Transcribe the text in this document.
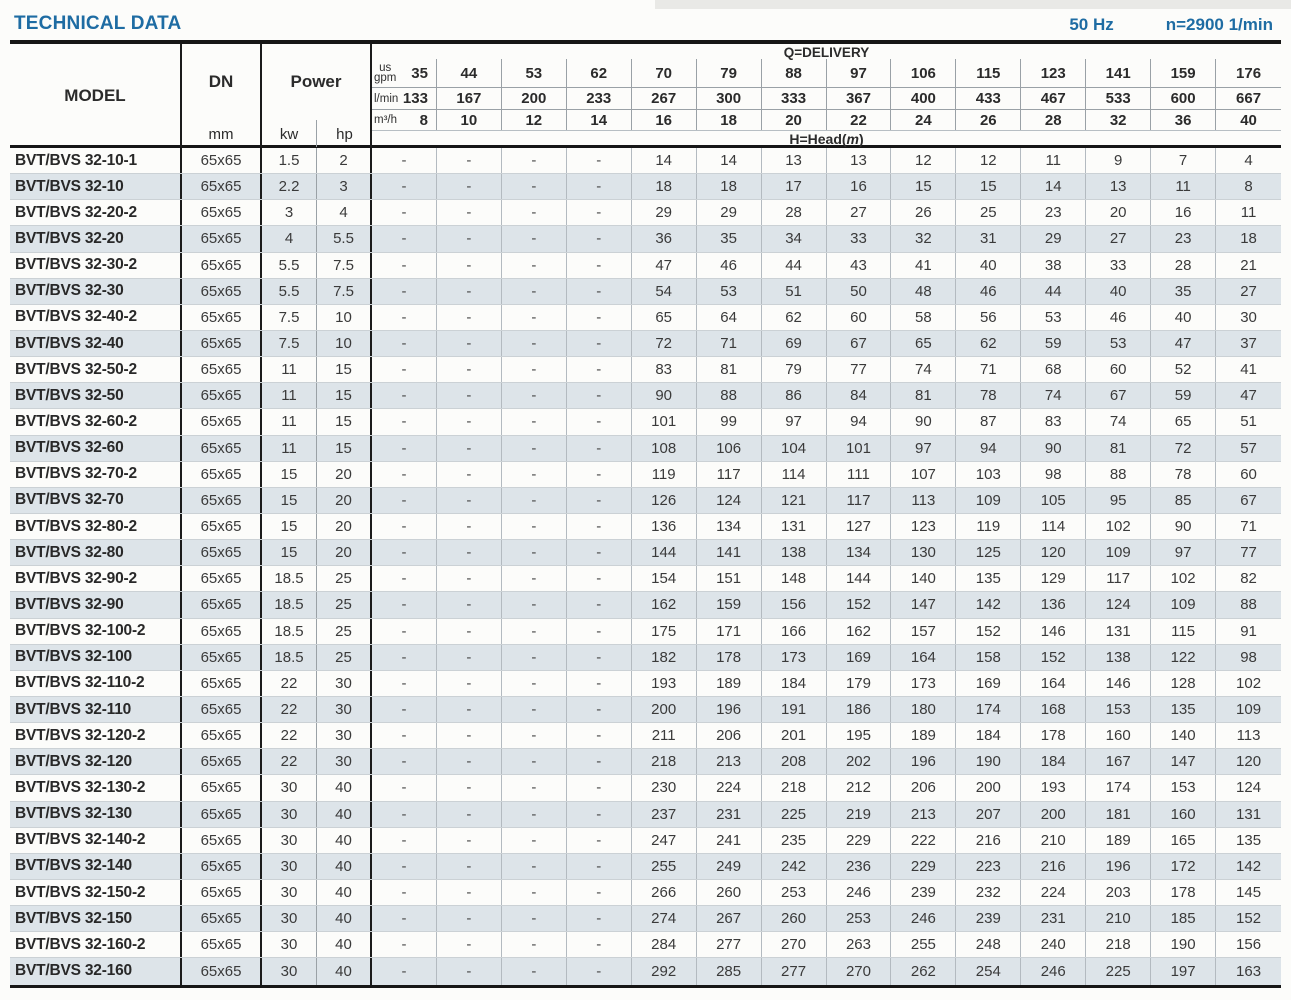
TECHNICAL DATA	50 Hz	n=2900 1/min
MODEL
DN
mm
Power
kw	hp
Q=DELIVERY
us
gpm 35 44	53	62	70	79	88	97	106	115	123	141	159	176
l/min 133 167	200	233	267	300	333	367	400	433	467	533	600	667
m³/h 8 10	12	14	16	18	20	22	24	26	28	32	36	40
H=Head( m )
BVT/BVS 32-10-1	65x65	1.5	2	-	-	-	-	14	14	13	13	12	12	11	9	7	4
BVT/BVS 32-10	65x65	2.2	3	-	-	-	-	18	18	17	16	15	15	14	13	11	8
BVT/BVS 32-20-2	65x65	3	4	-	-	-	-	29	29	28	27	26	25	23	20	16	11
BVT/BVS 32-20	65x65	4	5.5	-	-	-	-	36	35	34	33	32	31	29	27	23	18
BVT/BVS 32-30-2	65x65	5.5	7.5	-	-	-	-	47	46	44	43	41	40	38	33	28	21
BVT/BVS 32-30	65x65	5.5	7.5	-	-	-	-	54	53	51	50	48	46	44	40	35	27
BVT/BVS 32-40-2	65x65	7.5	10	-	-	-	-	65	64	62	60	58	56	53	46	40	30
BVT/BVS 32-40	65x65	7.5	10	-	-	-	-	72	71	69	67	65	62	59	53	47	37
BVT/BVS 32-50-2	65x65	11	15	-	-	-	-	83	81	79	77	74	71	68	60	52	41
BVT/BVS 32-50	65x65	11	15	-	-	-	-	90	88	86	84	81	78	74	67	59	47
BVT/BVS 32-60-2	65x65	11	15	-	-	-	-	101	99	97	94	90	87	83	74	65	51
BVT/BVS 32-60	65x65	11	15	-	-	-	-	108	106	104	101	97	94	90	81	72	57
BVT/BVS 32-70-2	65x65	15	20	-	-	-	-	119	117	114	111	107	103	98	88	78	60
BVT/BVS 32-70	65x65	15	20	-	-	-	-	126	124	121	117	113	109	105	95	85	67
BVT/BVS 32-80-2	65x65	15	20	-	-	-	-	136	134	131	127	123	119	114	102	90	71
BVT/BVS 32-80	65x65	15	20	-	-	-	-	144	141	138	134	130	125	120	109	97	77
BVT/BVS 32-90-2	65x65	18.5	25	-	-	-	-	154	151	148	144	140	135	129	117	102	82
BVT/BVS 32-90	65x65	18.5	25	-	-	-	-	162	159	156	152	147	142	136	124	109	88
BVT/BVS 32-100-2	65x65	18.5	25	-	-	-	-	175	171	166	162	157	152	146	131	115	91
BVT/BVS 32-100	65x65	18.5	25	-	-	-	-	182	178	173	169	164	158	152	138	122	98
BVT/BVS 32-110-2	65x65	22	30	-	-	-	-	193	189	184	179	173	169	164	146	128	102
BVT/BVS 32-110	65x65	22	30	-	-	-	-	200	196	191	186	180	174	168	153	135	109
BVT/BVS 32-120-2	65x65	22	30	-	-	-	-	211	206	201	195	189	184	178	160	140	113
BVT/BVS 32-120	65x65	22	30	-	-	-	-	218	213	208	202	196	190	184	167	147	120
BVT/BVS 32-130-2	65x65	30	40	-	-	-	-	230	224	218	212	206	200	193	174	153	124
BVT/BVS 32-130	65x65	30	40	-	-	-	-	237	231	225	219	213	207	200	181	160	131
BVT/BVS 32-140-2	65x65	30	40	-	-	-	-	247	241	235	229	222	216	210	189	165	135
BVT/BVS 32-140	65x65	30	40	-	-	-	-	255	249	242	236	229	223	216	196	172	142
BVT/BVS 32-150-2	65x65	30	40	-	-	-	-	266	260	253	246	239	232	224	203	178	145
BVT/BVS 32-150	65x65	30	40	-	-	-	-	274	267	260	253	246	239	231	210	185	152
BVT/BVS 32-160-2	65x65	30	40	-	-	-	-	284	277	270	263	255	248	240	218	190	156
BVT/BVS 32-160	65x65	30	40	-	-	-	-	292	285	277	270	262	254	246	225	197	163
